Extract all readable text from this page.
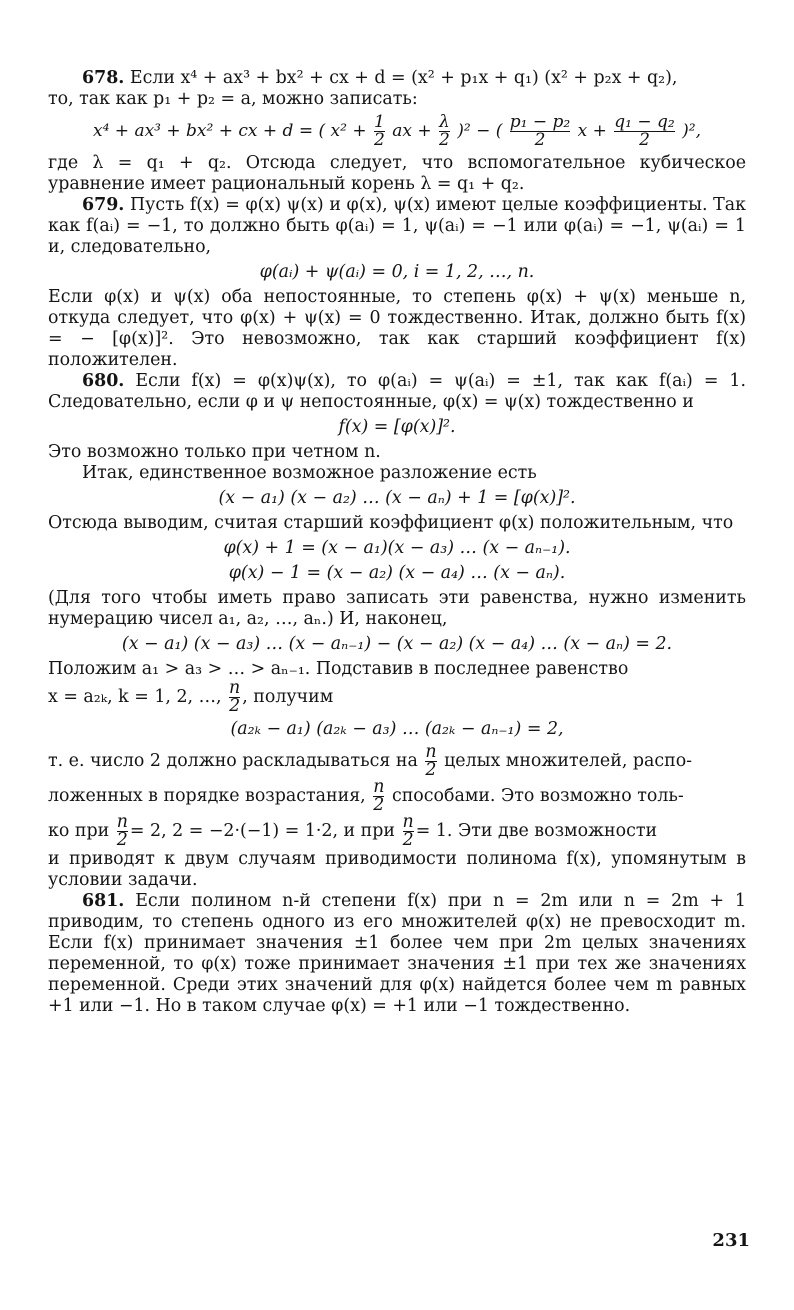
678. Если x⁴ + ax³ + bx² + cx + d = (x² + p₁x + q₁) (x² + p₂x + q₂),

то, так как p₁ + p₂ = a, можно записать:

x⁴ + ax³ + bx² + cx + d = ( $x^2 + \frac{1}{2}$ ax + $\frac{\lambda}{2} )^2$ − ( $\frac{\text{p₁ − p₂}}{2}$ $x + \frac{\text{q₁ − q₂}}{2} )^2$,

где λ = q₁ + q₂. Отсюда следует, что вспомогательное кубическое уравнение имеет рациональный корень λ = q₁ + q₂.

679. Пусть f(x) = φ(x) ψ(x) и φ(x), ψ(x) имеют целые коэффициенты. Так как f(aᵢ) = −1, то должно быть φ(aᵢ) = 1, ψ(aᵢ) = −1 или φ(aᵢ) = −1, ψ(aᵢ) = 1 и, следовательно,

φ(aᵢ) + ψ(aᵢ) = 0, i = 1, 2, …, n.

Если φ(x) и ψ(x) оба непостоянные, то степень φ(x) + ψ(x) меньше n, откуда следует, что φ(x) + ψ(x) = 0 тождественно. Итак, должно быть f(x) = − [φ(x)]². Это невозможно, так как старший коэффициент f(x) положителен.

680. Если f(x) = φ(x)ψ(x), то φ(aᵢ) = ψ(aᵢ) = ±1, так как f(aᵢ) = 1. Следовательно, если φ и ψ непостоянные, φ(x) = ψ(x) тождественно и

f(x) = [φ(x)]².

Это возможно только при четном n.

Итак, единственное возможное разложение есть

(x − a₁) (x − a₂) … (x − aₙ) + 1 = [φ(x)]².

Отсюда выводим, считая старший коэффициент φ(x) положительным, что

φ(x) + 1 = (x − a₁)(x − a₃) … (x − aₙ₋₁).
φ(x) − 1 = (x − a₂) (x − a₄) … (x − aₙ).

(Для того чтобы иметь право записать эти равенства, нужно изменить нумерацию чисел a₁, a₂, …, aₙ.) И, наконец,

(x − a₁) (x − a₃) … (x − aₙ₋₁) − (x − a₂) (x − a₄) … (x − aₙ) = 2.

Положим a₁ > a₃ > … > aₙ₋₁. Подставив в последнее равенство

x = a₂ₖ, k = 1, 2, …, $\frac{n}{2}$ , получим

(a₂ₖ − a₁) (a₂ₖ − a₃) … (a₂ₖ − aₙ₋₁) = 2,

т. е. число 2 должно раскладываться на $\frac{n}{2}$ целых множителей, распо-

ложенных в порядке возрастания, $\frac{n}{2}$ способами. Это возможно толь-

ко при $\frac{n}{2} = 2$, 2 = −2·(−1) = 1·2, и при $\frac{n}{2} = 1$. Эти две возможности

и приводят к двум случаям приводимости полинома f(x), упомянутым в условии задачи.

681. Если полином n-й степени f(x) при n = 2m или n = 2m + 1 приводим, то степень одного из его множителей φ(x) не превосходит m. Если f(x) принимает значения ±1 более чем при 2m целых значениях переменной, то φ(x) тоже принимает значения ±1 при тех же значениях переменной. Среди этих значений для φ(x) найдется более чем m равных +1 или −1. Но в таком случае φ(x) = +1 или −1 тождественно.

231
